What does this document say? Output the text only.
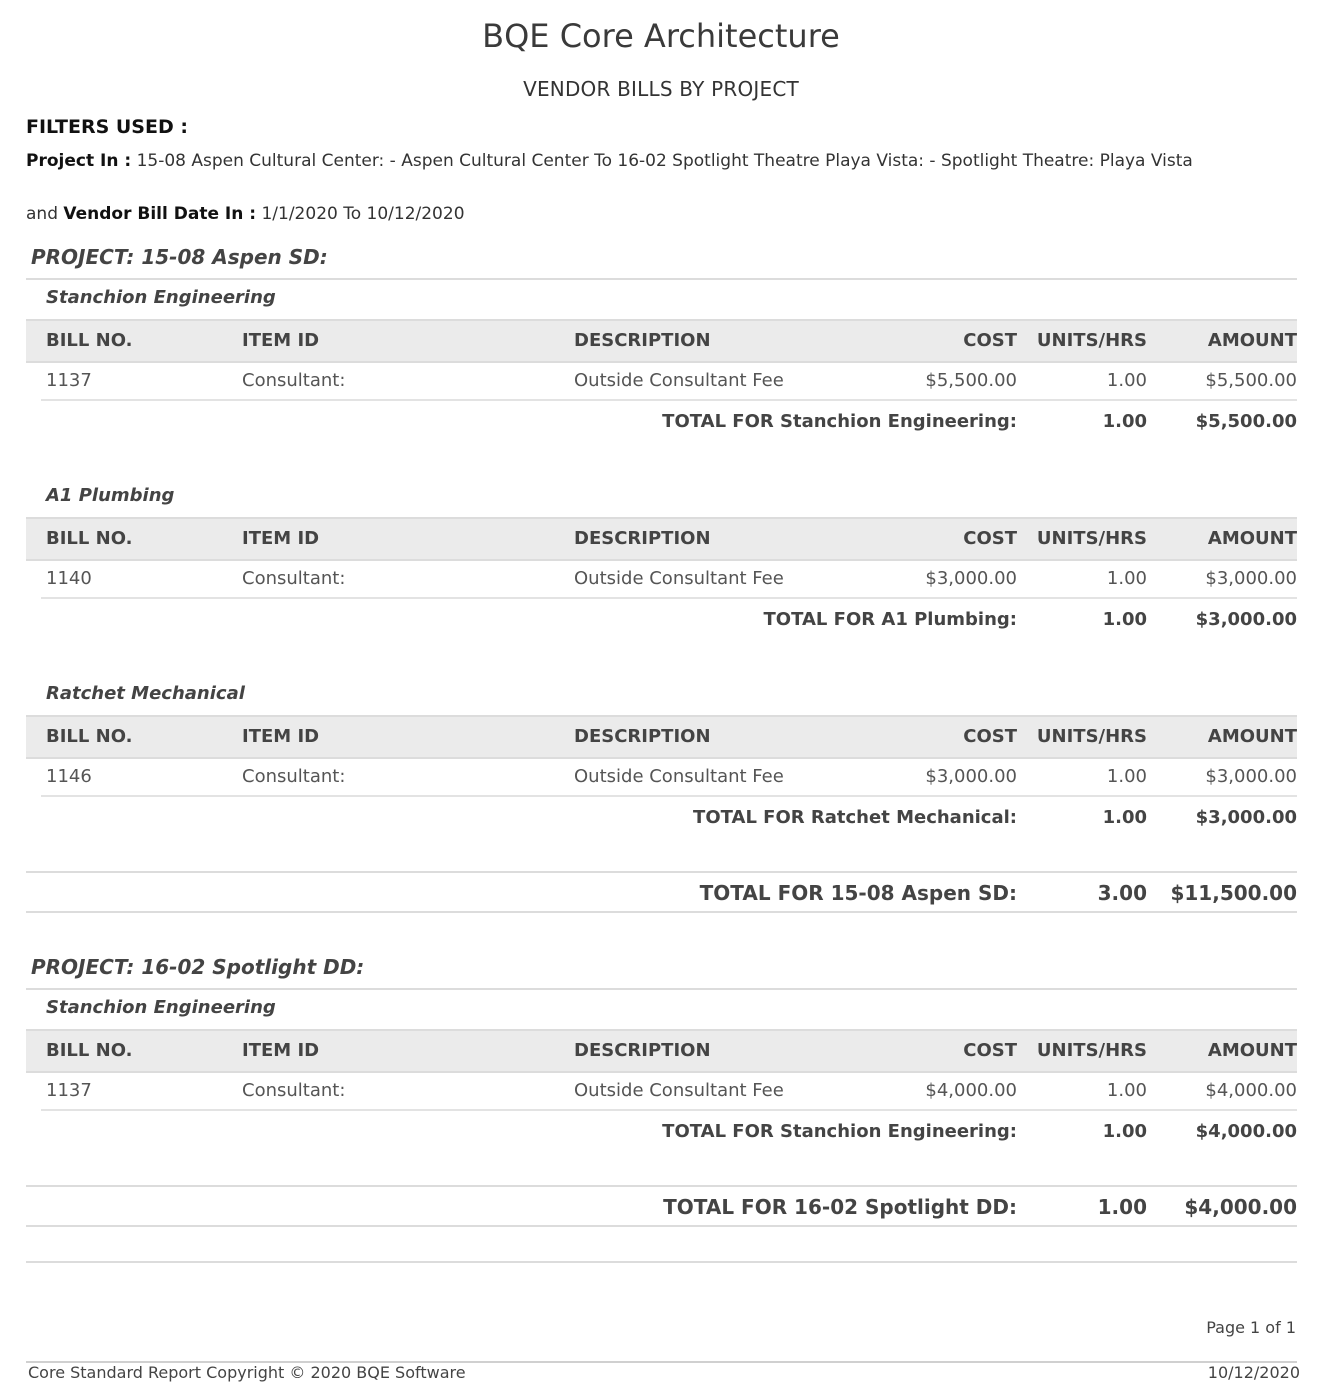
BQE Core Architecture
VENDOR BILLS BY PROJECT
FILTERS USED :
Project In : 15-08 Aspen Cultural Center: - Aspen Cultural Center To 16-02 Spotlight Theatre Playa Vista: - Spotlight Theatre: Playa Vista
and Vendor Bill Date In : 1/1/2020 To 10/12/2020
PROJECT: 15-08 Aspen SD:
Stanchion Engineering
BILL NO.	ITEM ID	DESCRIPTION	COST UNITS/HRS	AMOUNT
1137	Consultant:	Outside Consultant Fee	$5,500.00	1.00	$5,500.00
TOTAL FOR Stanchion Engineering:	1.00	$5,500.00
A1 Plumbing
BILL NO.	ITEM ID	DESCRIPTION	COST UNITS/HRS	AMOUNT
1140	Consultant:	Outside Consultant Fee	$3,000.00	1.00	$3,000.00
TOTAL FOR A1 Plumbing:	1.00	$3,000.00
Ratchet Mechanical
BILL NO.	ITEM ID	DESCRIPTION	COST UNITS/HRS	AMOUNT
1146	Consultant:	Outside Consultant Fee	$3,000.00	1.00	$3,000.00
TOTAL FOR Ratchet Mechanical:	1.00	$3,000.00
TOTAL FOR 15-08 Aspen SD:	3.00 $11,500.00
PROJECT: 16-02 Spotlight DD:
Stanchion Engineering
BILL NO.	ITEM ID	DESCRIPTION	COST UNITS/HRS	AMOUNT
1137	Consultant:	Outside Consultant Fee	$4,000.00	1.00	$4,000.00
TOTAL FOR Stanchion Engineering:	1.00	$4,000.00
TOTAL FOR 16-02 Spotlight DD:	1.00 $4,000.00
Page 1 of 1
Core Standard Report Copyright © 2020 BQE Software	10/12/2020
